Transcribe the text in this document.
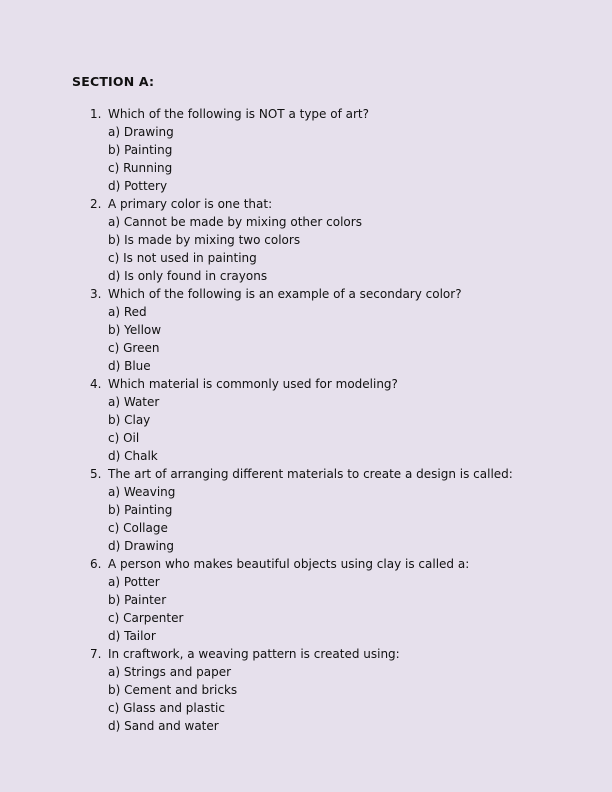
SECTION A:
1. Which of the following is NOT a type of art?
a) Drawing
b) Painting
c) Running
d) Pottery
2. A primary color is one that:
a) Cannot be made by mixing other colors
b) Is made by mixing two colors
c) Is not used in painting
d) Is only found in crayons
3. Which of the following is an example of a secondary color?
a) Red
b) Yellow
c) Green
d) Blue
4. Which material is commonly used for modeling?
a) Water
b) Clay
c) Oil
d) Chalk
5. The art of arranging different materials to create a design is called:
a) Weaving
b) Painting
c) Collage
d) Drawing
6. A person who makes beautiful objects using clay is called a:
a) Potter
b) Painter
c) Carpenter
d) Tailor
7. In craftwork, a weaving pattern is created using:
a) Strings and paper
b) Cement and bricks
c) Glass and plastic
d) Sand and water
